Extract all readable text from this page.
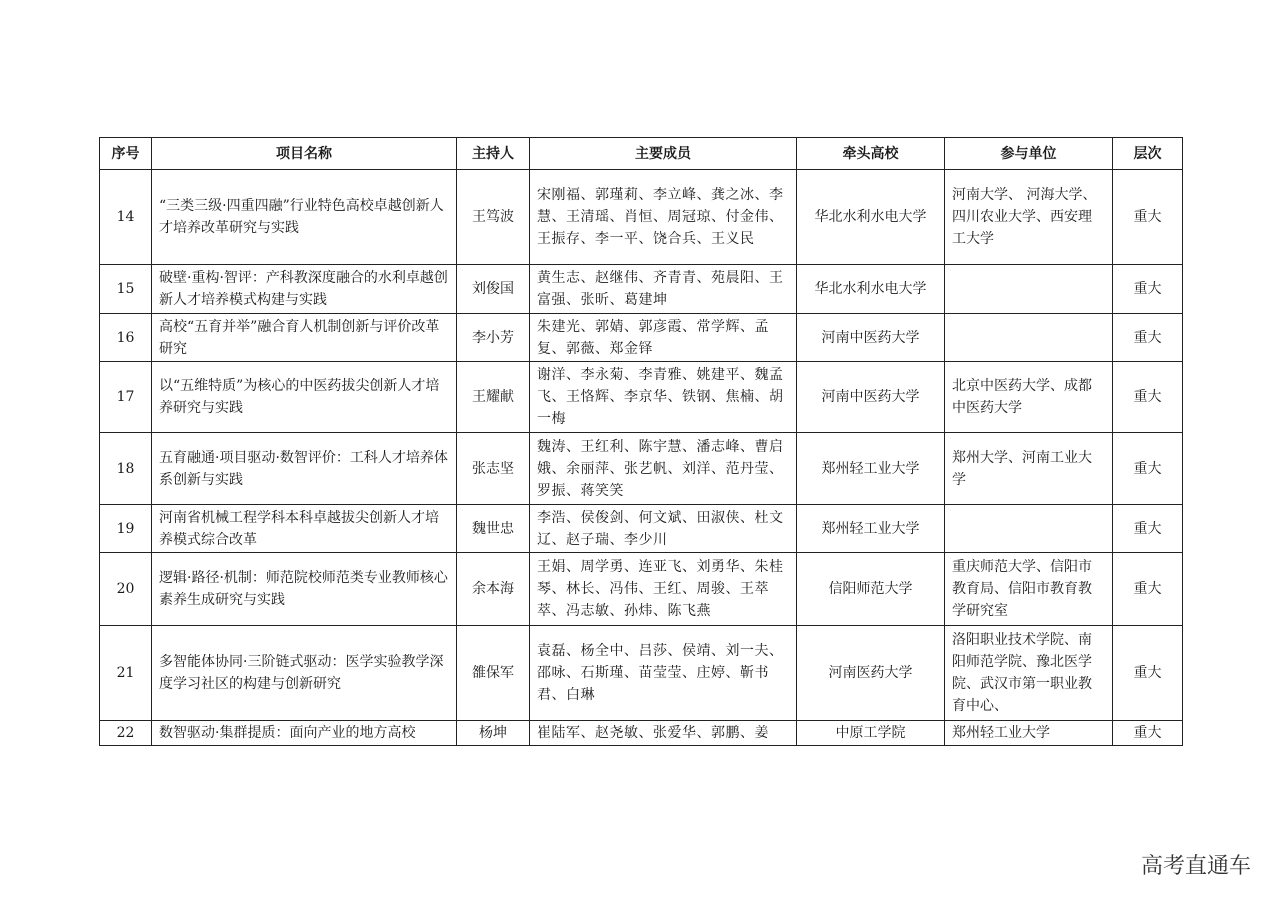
序号	项目名称	主持人	主要成员	牵头高校	参与单位	层次
14	“三类三级·四重四融”行业特色高校卓越创新人才培养改革研究与实践	王笃波	宋刚福、郭瑾莉、李立峰、龚之冰、李慧、王清瑶、肖恒、周冠琼、付金伟、王振存、李一平、饶合兵、王义民	华北水利水电大学	河南大学、 河海大学、四川农业大学、西安理工大学	重大
15	破壁·重构·智评：产科教深度融合的水利卓越创新人才培养模式构建与实践	刘俊国	黄生志、赵继伟、齐青青、苑晨阳、王富强、张昕、葛建坤	华北水利水电大学		重大
16	高校“五育并举”融合育人机制创新与评价改革研究	李小芳	朱建光、郭婧、郭彦霞、常学辉、孟复、郭薇、郑金铎	河南中医药大学		重大
17	以“五维特质”为核心的中医药拔尖创新人才培养研究与实践	王耀献	谢洋、李永菊、李青雅、姚建平、魏孟飞、王恪辉、李京华、铁钢、焦楠、胡一梅	河南中医药大学	北京中医药大学、成都中医药大学	重大
18	五育融通·项目驱动·数智评价：工科人才培养体系创新与实践	张志坚	魏涛、王红利、陈宇慧、潘志峰、曹启娥、余丽萍、张艺帆、刘洋、范丹莹、罗振、蒋笑笑	郑州轻工业大学	郑州大学、河南工业大学	重大
19	河南省机械工程学科本科卓越拔尖创新人才培养模式综合改革	魏世忠	李浩、侯俊剑、何文斌、田淑侠、杜文辽、赵子瑞、李少川	郑州轻工业大学		重大
20	逻辑·路径·机制：师范院校师范类专业教师核心素养生成研究与实践	余本海	王娟、周学勇、连亚飞、刘勇华、朱桂琴、林长、冯伟、王红、周骏、王萃萃、冯志敏、孙炜、陈飞燕	信阳师范大学	重庆师范大学、信阳市教育局、信阳市教育教学研究室	重大
21	多智能体协同·三阶链式驱动：医学实验教学深度学习社区的构建与创新研究	雒保军	袁磊、杨全中、吕莎、侯靖、刘一夫、邵咏、石斯瑾、苗莹莹、庄婷、靳书君、白琳	河南医药大学	洛阳职业技术学院、南阳师范学院、豫北医学院、武汉市第一职业教育中心、	重大
22	数智驱动·集群提质：面向产业的地方高校	杨坤	崔陆军、赵尧敏、张爱华、郭鹏、姜	中原工学院	郑州轻工业大学	重大
高考直通车
